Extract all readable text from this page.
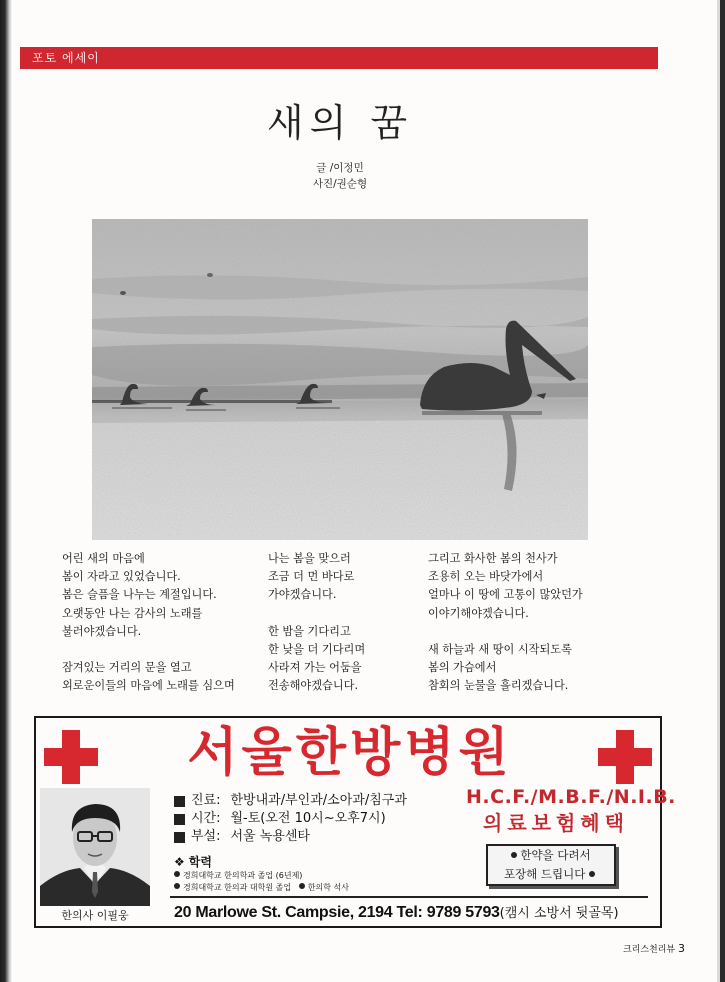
포토 에세이
새의 꿈
글 /이정민
사진/권순형
어린 새의 마음에
봄이 자라고 있었습니다.
봄은 슬픔을 나누는 계절입니다.
오랫동안 나는 감사의 노래를
불러야겠습니다.
잠겨있는 거리의 문을 열고
외로운이들의 마음에 노래를 심으며
나는 봄을 맞으러
조금 더 먼 바다로
가야겠습니다.
한 밤을 기다리고
한 낮을 더 기다리며
사라져 가는 어둠을
전송해야겠습니다.
그리고 화사한 봄의 천사가
조용히 오는 바닷가에서
얼마나 이 땅에 고통이 많았던가
이야기해야겠습니다.
새 하늘과 새 땅이 시작되도록
봄의 가슴에서
참회의 눈물을 흘리겠습니다.
서울한방병원
한의사 이필웅
진료: 한방내과/부인과/소아과/침구과
시간: 월-토(오전 10시~오후7시)
부설: 서울 녹용센타
❖ 학력
경희대학교 한의학과 졸업 (6년제)
경희대학교 한의과 대학원 졸업 한의학 석사
H.C.F./M.B.F./N.I.B.
의료보험혜택
한약을 다려서
포장해 드립니다
20 Marlowe St. Campsie, 2194 Tel: 9789 5793(캠시 소방서 뒷골목)
크리스천리뷰 3
